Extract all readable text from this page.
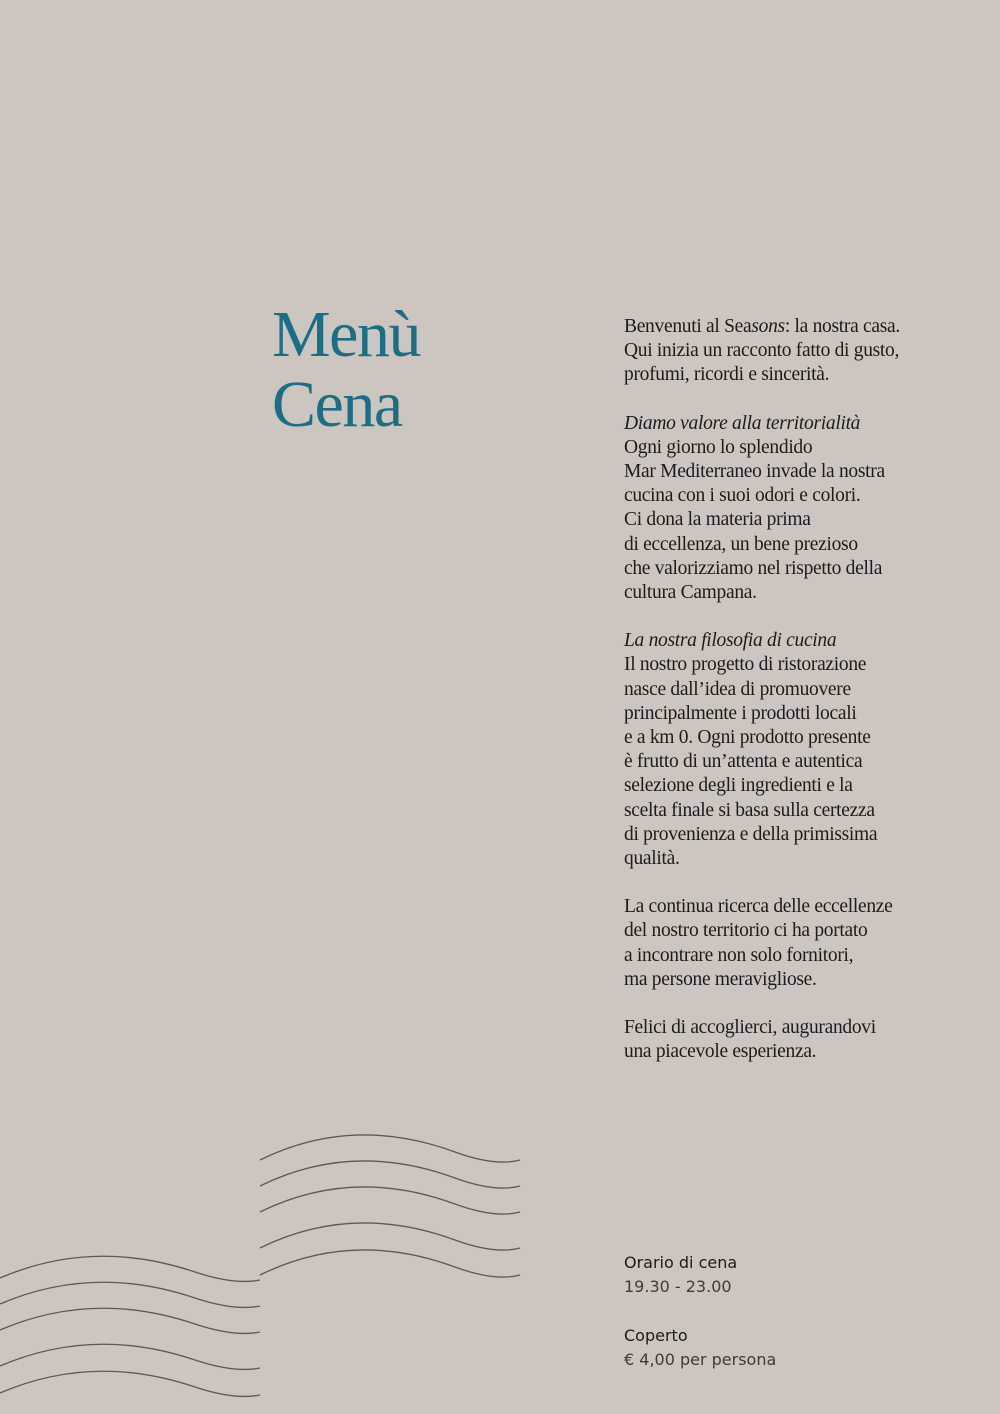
Menù
Cena

Benvenuti al Seasons: la nostra casa.
Qui inizia un racconto fatto di gusto,
profumi, ricordi e sincerità.

Diamo valore alla territorialità
Ogni giorno lo splendido
Mar Mediterraneo invade la nostra
cucina con i suoi odori e colori.
Ci dona la materia prima
di eccellenza, un bene prezioso
che valorizziamo nel rispetto della
cultura Campana.

La nostra filosofia di cucina
Il nostro progetto di ristorazione
nasce dall’idea di promuovere
principalmente i prodotti locali
e a km 0. Ogni prodotto presente
è frutto di un’attenta e autentica
selezione degli ingredienti e la
scelta finale si basa sulla certezza
di provenienza e della primissima
qualità.

La continua ricerca delle eccellenze
del nostro territorio ci ha portato
a incontrare non solo fornitori,
ma persone meravigliose.

Felici di accoglierci, augurandovi
una piacevole esperienza.

Orario di cena
19.30 - 23.00
Coperto
€ 4,00 per persona
